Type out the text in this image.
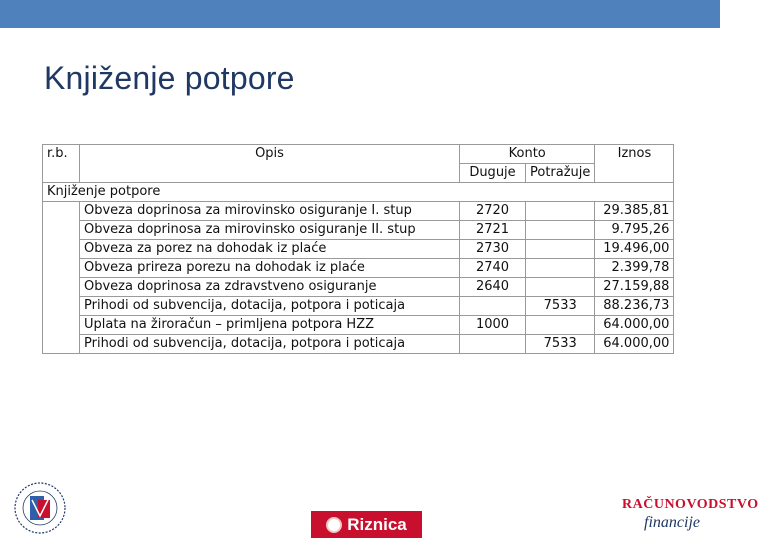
Knjiženje potpore
r.b.	Opis	Konto		Iznos
		Duguje	Potražuje	
Knjiženje potpore				
	Obveza doprinosa za mirovinsko osiguranje I. stup	2720		29.385,81
	Obveza doprinosa za mirovinsko osiguranje II. stup	2721		9.795,26
	Obveza za porez na dohodak iz plaće	2730		19.496,00
	Obveza prireza porezu na dohodak iz plaće	2740		2.399,78
	Obveza doprinosa za zdravstveno osiguranje	2640		27.159,88
	Prihodi od subvencija, dotacija, potpora i poticaja		7533	88.236,73
	Uplata na žiroračun – primljena potpora HZZ	1000		64.000,00
	Prihodi od subvencija, dotacija, potpora i poticaja		7533	64.000,00
Riznica
RAČUNOVODSTVO
financije
